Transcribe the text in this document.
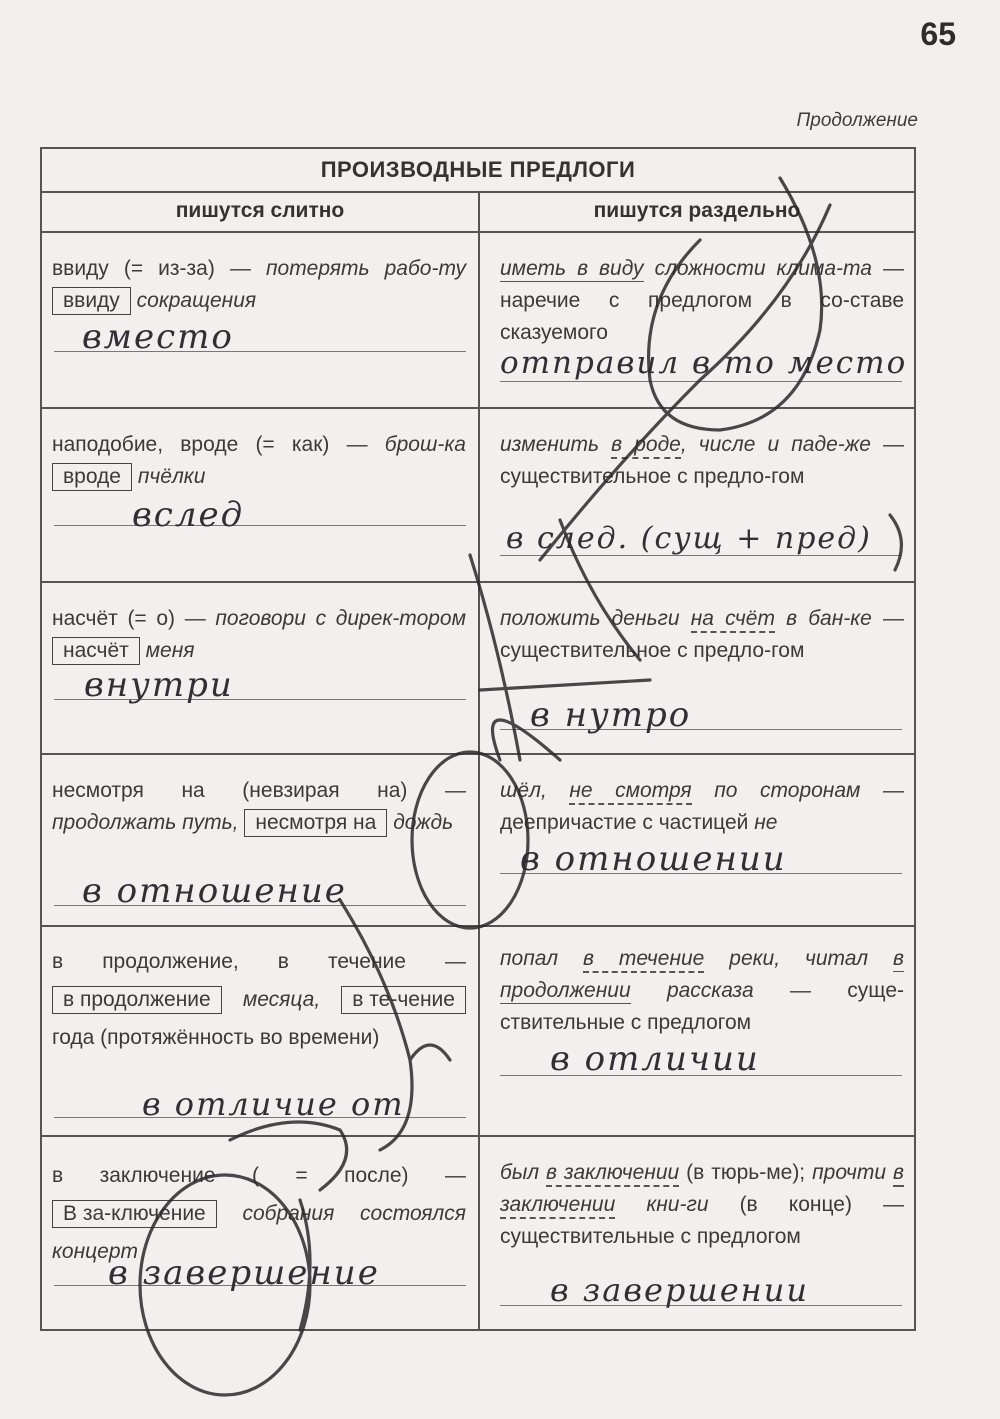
65
Продолжение
ПРОИЗВОДНЫЕ ПРЕДЛОГИ
пишутся слитно	пишутся раздельно
ввиду (= из-за) — потерять рабо-ту ввиду сокращения
вместо
иметь в виду сложности клима-та — наречие с предлогом в со-ставе сказуемого
отправил в то место
наподобие, вроде (= как) — брош-ка вроде пчёлки
вслед
изменить в роде, числе и паде-же — существительное с предло-гом
в след. (сущ + пред)
насчёт (= о) — поговори с дирек-тором насчёт меня
внутри
положить деньги на счёт в бан-ке — существительное с предло-гом
в нутро
несмотря на (невзирая на) — продолжать путь, несмотря на дождь
в отношение
шёл, не смотря по сторонам — деепричастие с частицей не
в отношении
в продолжение, в течение — в продолжение месяца, в те-чение года (протяжённость во времени)
в отличие от
попал в течение реки, читал в продолжении рассказа — суще-ствительные с предлогом
в отличии
в заключение ( = после) — В за-ключение собрания состоялся концерт
в завершение
был в заключении (в тюрь-ме); прочти в заключении кни-ги (в конце) — существительные с предлогом
в завершении
